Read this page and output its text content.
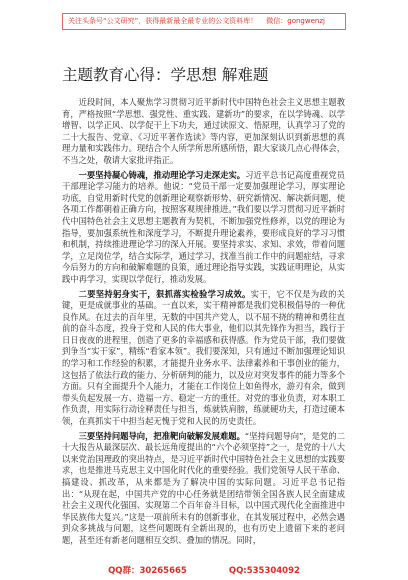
关注头条号“公文研究”，获得最新最全最专业的公文资料库！ 微信：gongwenzj
主题教育心得：学思想 解难题

近段时间，本人聚焦学习贯彻习近平新时代中国特色社会主义思想主题教育，严格按照“学思想、强党性、重实践、建新功”的要求，在以学铸魂、以学增智、以学正风、以学促干上下功夫，通过读原文、悟原理，认真学习了党的二十大报告、党章、《习近平著作选读》等内容，更加深刻认识到新思想的真理力量和实践伟力。现结合个人所学所思所感所悟，跟大家谈几点心得体会，不当之处，敬请大家批评指正。

一要坚持凝心铸魂，推动理论学习走深走实。习近平总书记高度重视党员干部理论学习能力的培养。他说：“党员干部一定要加强理论学习，厚实理论功底，自觉用新时代党的创新理论观察新形势、研究新情况、解决新问题，使各项工作都朝着正确方向，按照客观规律推进。”我们要以学习贯彻习近平新时代中国特色社会主义思想主题教育为契机，不断加强党性修养，以党的理论为指导，要加强系统性和深度学习，不断提升理论素养，要形成良好的学习习惯和机制，持续推进理论学习的深入开展。要坚持求实、求知、求效，带着问题学，立足岗位学，结合实际学，通过学习，找准当前工作中的问题症结，寻求今后努力的方向和破解难题的良策，通过理论指导实践，实践证明理论，从实践中再学习，实现以学促行，推动发展。

二要坚持躬身实干，狠抓落实检验学习成效。实干，它不仅是为政的关键，更是成就事业的基础。一直以来，实干精神都是我们党积极倡导的一种优良作风。在过去的百年里，无数的中国共产党人，以不屈不挠的精神和勇往直前的奋斗态度，投身于党和人民的伟大事业，他们以其先锋作为担当，践行于日日夜夜的进程里，创造了更多的幸福感和获得感。作为党员干部，我们要做到争当“实干家”，精练“看家本领”。我们要深知，只有通过不断加强理论知识的学习和工作经验的积累，才能提升业务水平、法律素养和干事创业的能力，这包括了依法行政的能力、分析研判的能力，以及应对突发事件的能力等多个方面。只有全面提升个人能力，才能在工作岗位上如鱼得水，游刃有余，做到带头负起发展一方、造福一方、稳定一方的重任。对党的事业负责，对本职工作负责，用实际行动诠释责任与担当，炼就铁肩膀，练就硬功夫，打造过硬本领，在真抓实干中担当起无愧于党和人民的历史责任。

三要坚持问题导向，把准靶向破解发展难题。“坚持问题导向”，是党的二十大报告从最深层次、最长远角度提出的“六个必须坚持”之一，是党的十八大以来党治国理政的突出特点，是习近平新时代中国特色社会主义思想的实践要求，也是推进马克思主义中国化时代化的重要经验。我们党领导人民干革命、搞建设、抓改革，从来都是为了解决中国的实际问题。习近平总书记指出：“从现在起，中国共产党的中心任务就是团结带领全国各族人民全面建成社会主义现代化强国、实现第二个百年奋斗目标，以中国式现代化全面推进中华民族伟大复兴。”这是一项前所未有的创新事业，在其发展过程中，必然会遇到众多挑战与问题，这些问题既有全新出现的，也有历史上遗留下来的老问题，甚至还有新老问题相互交织、叠加的情况。同时，

QQ群：30265665	QQ:535304092
